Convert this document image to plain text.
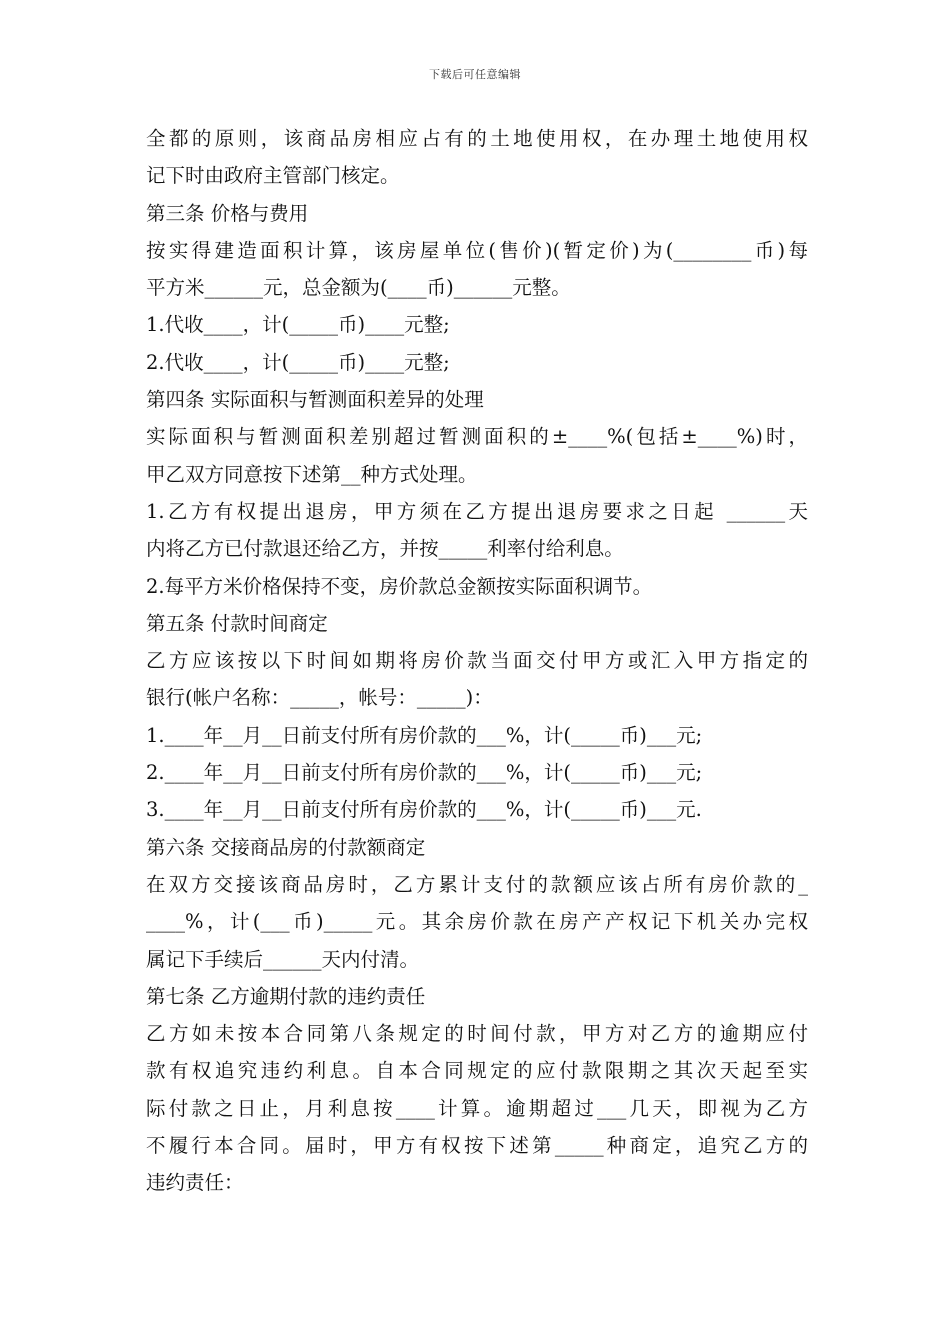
下载后可任意编辑
全都的原则，该商品房相应占有的土地使用权，在办理土地使用权
记下时由政府主管部门核定。
第三条 价格与费用
按实得建造面积计算，该房屋单位(售价)(暂定价)为(________币)每
平方米______元，总金额为(____币)______元整。
1.代收____，计(_____币)____元整;
2.代收____，计(_____币)____元整;
第四条 实际面积与暂测面积差异的处理
实际面积与暂测面积差别超过暂测面积的±____%(包括±____%)时，
甲乙双方同意按下述第__种方式处理。
1.乙方有权提出退房，甲方须在乙方提出退房要求之日起 ______天
内将乙方已付款退还给乙方，并按_____利率付给利息。
2.每平方米价格保持不变，房价款总金额按实际面积调节。
第五条 付款时间商定
乙方应该按以下时间如期将房价款当面交付甲方或汇入甲方指定的
银行(帐户名称：_____，帐号：_____)：
1.____年__月__日前支付所有房价款的___%，计(_____币)___元;
2.____年__月__日前支付所有房价款的___%，计(_____币)___元;
3.____年__月__日前支付所有房价款的___%，计(_____币)___元.
第六条 交接商品房的付款额商定
在双方交接该商品房时，乙方累计支付的款额应该占所有房价款的_
____%，计(___币)_____元。其余房价款在房产产权记下机关办完权
属记下手续后______天内付清。
第七条 乙方逾期付款的违约责任
乙方如未按本合同第八条规定的时间付款，甲方对乙方的逾期应付
款有权追究违约利息。自本合同规定的应付款限期之其次天起至实
际付款之日止，月利息按____计算。逾期超过___几天，即视为乙方
不履行本合同。届时，甲方有权按下述第_____种商定，追究乙方的
违约责任：
